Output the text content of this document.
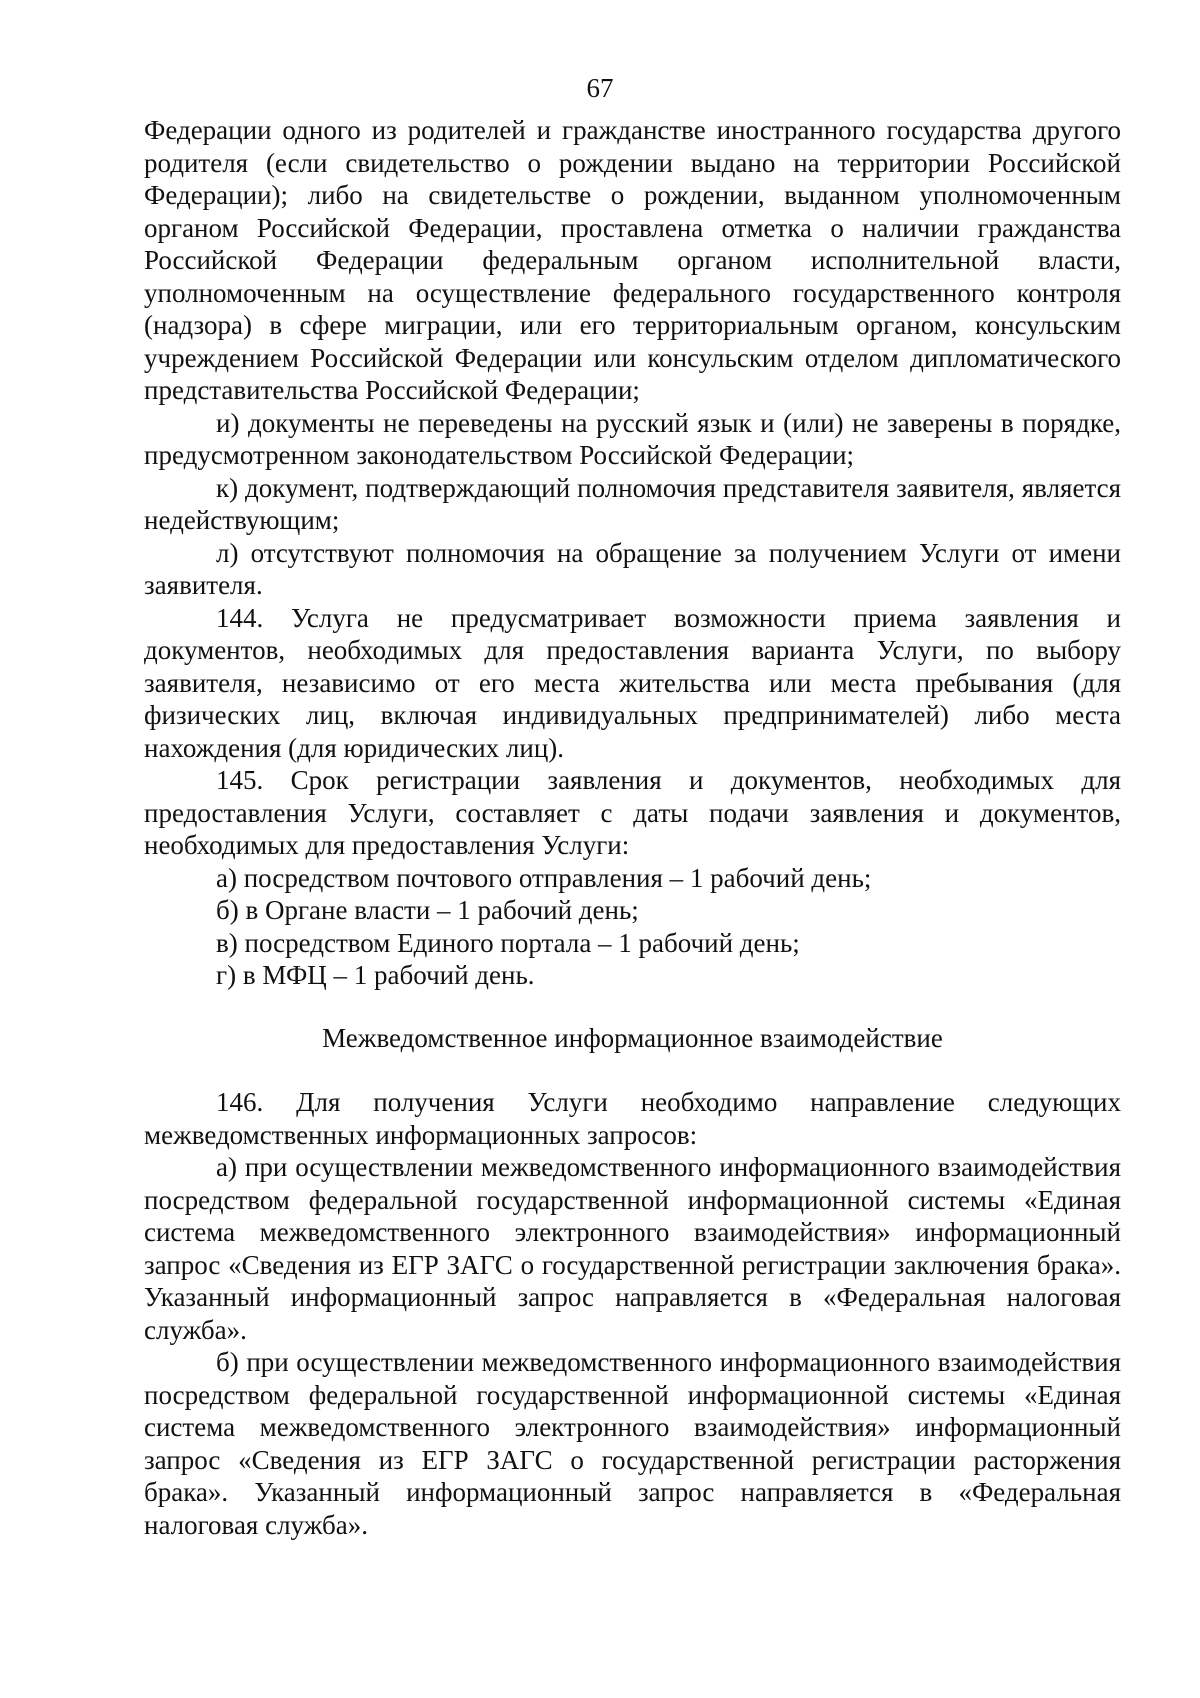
67

Федерации одного из родителей и гражданстве иностранного государства другого родителя (если свидетельство о рождении выдано на территории Российской Федерации); либо на свидетельстве о рождении, выданном уполномоченным органом Российской Федерации, проставлена отметка о наличии гражданства Российской Федерации федеральным органом исполнительной власти, уполномоченным на осуществление федерального государственного контроля (надзора) в сфере миграции, или его территориальным органом, консульским учреждением Российской Федерации или консульским отделом дипломатического представительства Российской Федерации;

и) документы не переведены на русский язык и (или) не заверены в порядке, предусмотренном законодательством Российской Федерации;

к) документ, подтверждающий полномочия представителя заявителя, является недействующим;

л) отсутствуют полномочия на обращение за получением Услуги от имени заявителя.

144. Услуга не предусматривает возможности приема заявления и документов, необходимых для предоставления варианта Услуги, по выбору заявителя, независимо от его места жительства или места пребывания (для физических лиц, включая индивидуальных предпринимателей) либо места нахождения (для юридических лиц).

145. Срок регистрации заявления и документов, необходимых для предоставления Услуги, составляет с даты подачи заявления и документов, необходимых для предоставления Услуги:

а) посредством почтового отправления – 1 рабочий день;

б) в Органе власти – 1 рабочий день;

в) посредством Единого портала – 1 рабочий день;

г) в МФЦ – 1 рабочий день.

Межведомственное информационное взаимодействие

146. Для получения Услуги необходимо направление следующих межведомственных информационных запросов:

а) при осуществлении межведомственного информационного взаимодействия посредством федеральной государственной информационной системы «Единая система межведомственного электронного взаимодействия» информационный запрос «Сведения из ЕГР ЗАГС о государственной регистрации заключения брака». Указанный информационный запрос направляется в «Федеральная налоговая служба».

б) при осуществлении межведомственного информационного взаимодействия посредством федеральной государственной информационной системы «Единая система межведомственного электронного взаимодействия» информационный запрос «Сведения из ЕГР ЗАГС о государственной регистрации расторжения брака». Указанный информационный запрос направляется в «Федеральная налоговая служба».
